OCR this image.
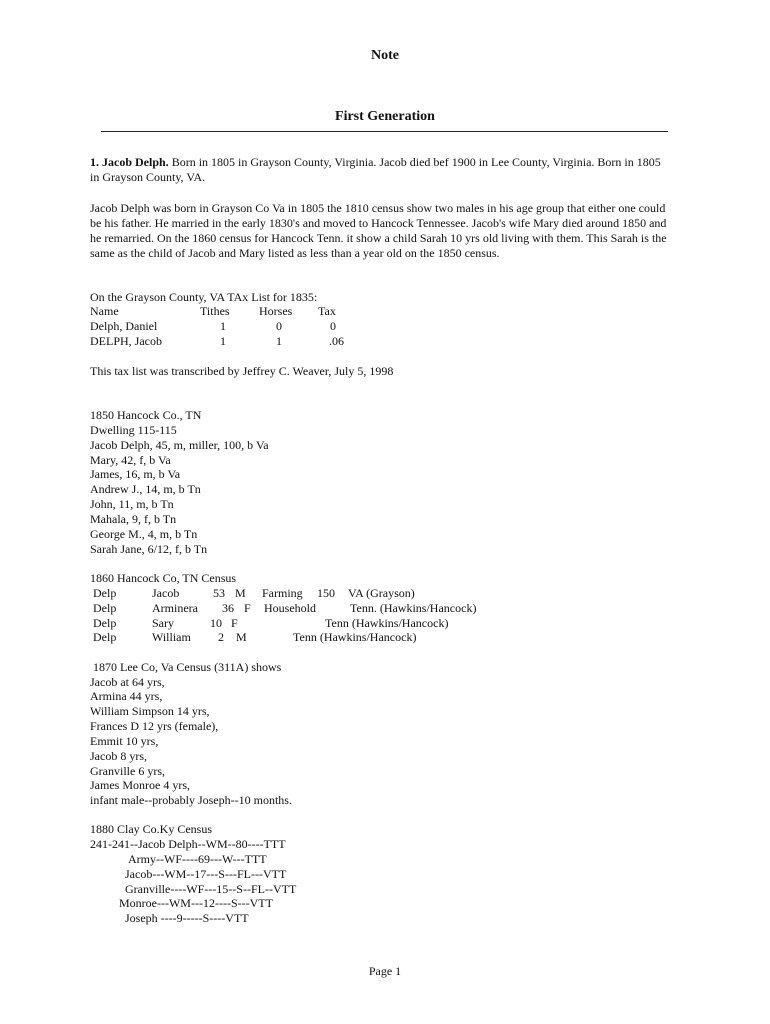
Note
First Generation
1. Jacob Delph. Born in 1805 in Grayson County, Virginia. Jacob died bef 1900 in Lee County, Virginia. Born in 1805 in Grayson County, VA.
Jacob Delph was born in Grayson Co Va in 1805 the 1810 census show two males in his age group that either one could be his father. He married in the early 1830's and moved to Hancock Tennessee. Jacob's wife Mary died around 1850 and he remarried. On the 1860 census for Hancock Tenn. it show a child Sarah 10 yrs old living with them. This Sarah is the same as the child of Jacob and Mary listed as less than a year old on the 1850 census.
On the Grayson County, VA TAx List for 1835:
Name	Tithes Horses Tax
Delph, Daniel	1	0	0
DELPH, Jacob	1	1	.06
This tax list was transcribed by Jeffrey C. Weaver, July 5, 1998
1850 Hancock Co., TN
Dwelling 115-115
Jacob Delph, 45, m, miller, 100, b Va
Mary, 42, f, b Va
James, 16, m, b Va
Andrew J., 14, m, b Tn
John, 11, m, b Tn
Mahala, 9, f, b Tn
George M., 4, m, b Tn
Sarah Jane, 6/12, f, b Tn
1860 Hancock Co, TN Census
Delp	Jacob	53 M Farming 150 VA (Grayson)
Delp	Arminera 36 F Household	Tenn. (Hawkins/Hancock)
Delp	Sary	10 F	Tenn (Hawkins/Hancock)
Delp	William 2 M	Tenn (Hawkins/Hancock)
1870 Lee Co, Va Census (311A) shows
Jacob at 64 yrs,
Armina 44 yrs,
William Simpson 14 yrs,
Frances D 12 yrs (female),
Emmit 10 yrs,
Jacob 8 yrs,
Granville 6 yrs,
James Monroe 4 yrs,
infant male--probably Joseph--10 months.
1880 Clay Co.Ky Census
241-241--Jacob Delph--WM--80----TTT
Army--WF----69---W---TTT
Jacob---WM--17---S---FL---VTT
Granville----WF---15--S--FL--VTT
Monroe---WM---12----S---VTT
Joseph ----9-----S----VTT
Page 1
